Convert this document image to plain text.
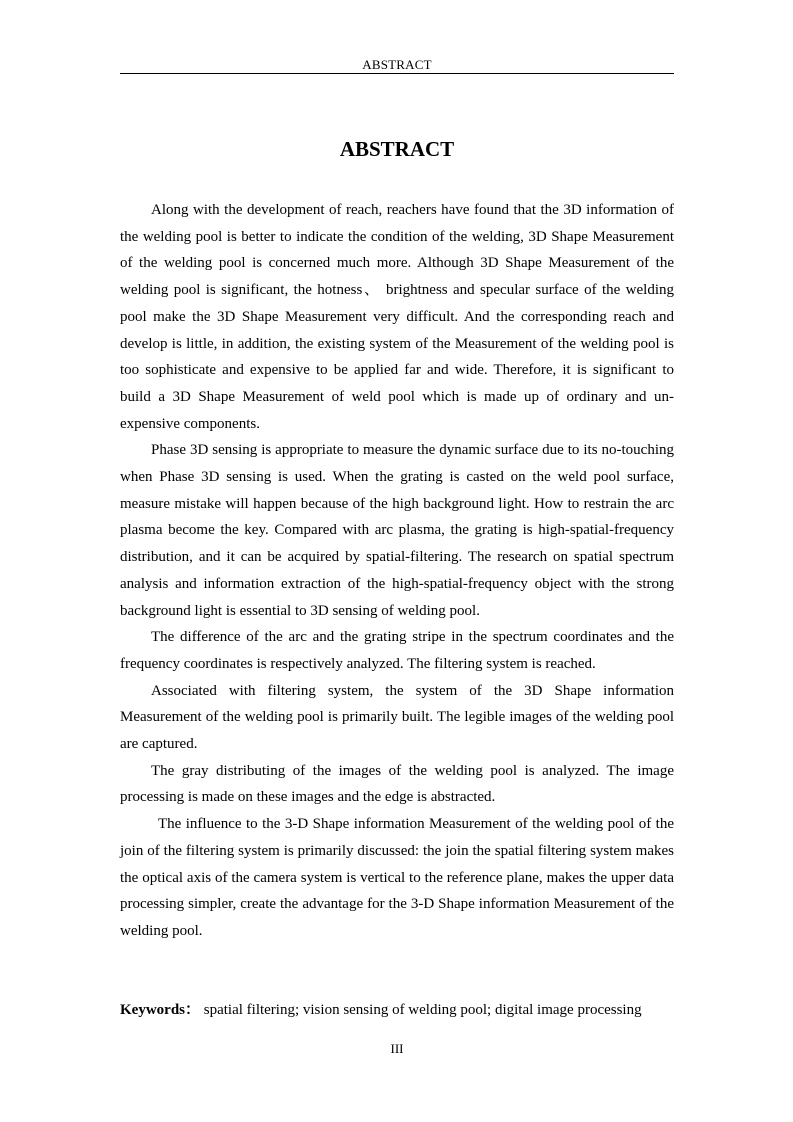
ABSTRACT
ABSTRACT

Along with the development of reach, reachers have found that the 3D information of the welding pool is better to indicate the condition of the welding, 3D Shape Measurement of the welding pool is concerned much more. Although 3D Shape Measurement of the welding pool is significant, the hotness、 brightness and specular surface of the welding pool make the 3D Shape Measurement very difficult. And the corresponding reach and develop is little, in addition, the existing system of the Measurement of the welding pool is too sophisticate and expensive to be applied far and wide. Therefore, it is significant to build a 3D Shape Measurement of weld pool which is made up of ordinary and un-expensive components.

Phase 3D sensing is appropriate to measure the dynamic surface due to its no-touching when Phase 3D sensing is used. When the grating is casted on the weld pool surface, measure mistake will happen because of the high background light. How to restrain the arc plasma become the key. Compared with arc plasma, the grating is high-spatial-frequency distribution, and it can be acquired by spatial-filtering. The research on spatial spectrum analysis and information extraction of the high-spatial-frequency object with the strong background light is essential to 3D sensing of welding pool.

The difference of the arc and the grating stripe in the spectrum coordinates and the frequency coordinates is respectively analyzed. The filtering system is reached.

Associated with filtering system, the system of the 3D Shape information Measurement of the welding pool is primarily built. The legible images of the welding pool are captured.

The gray distributing of the images of the welding pool is analyzed. The image processing is made on these images and the edge is abstracted.

The influence to the 3-D Shape information Measurement of the welding pool of the join of the filtering system is primarily discussed: the join the spatial filtering system makes the optical axis of the camera system is vertical to the reference plane, makes the upper data processing simpler, create the advantage for the 3-D Shape information Measurement of the welding pool.

Keywords： spatial filtering; vision sensing of welding pool; digital image processing
III
